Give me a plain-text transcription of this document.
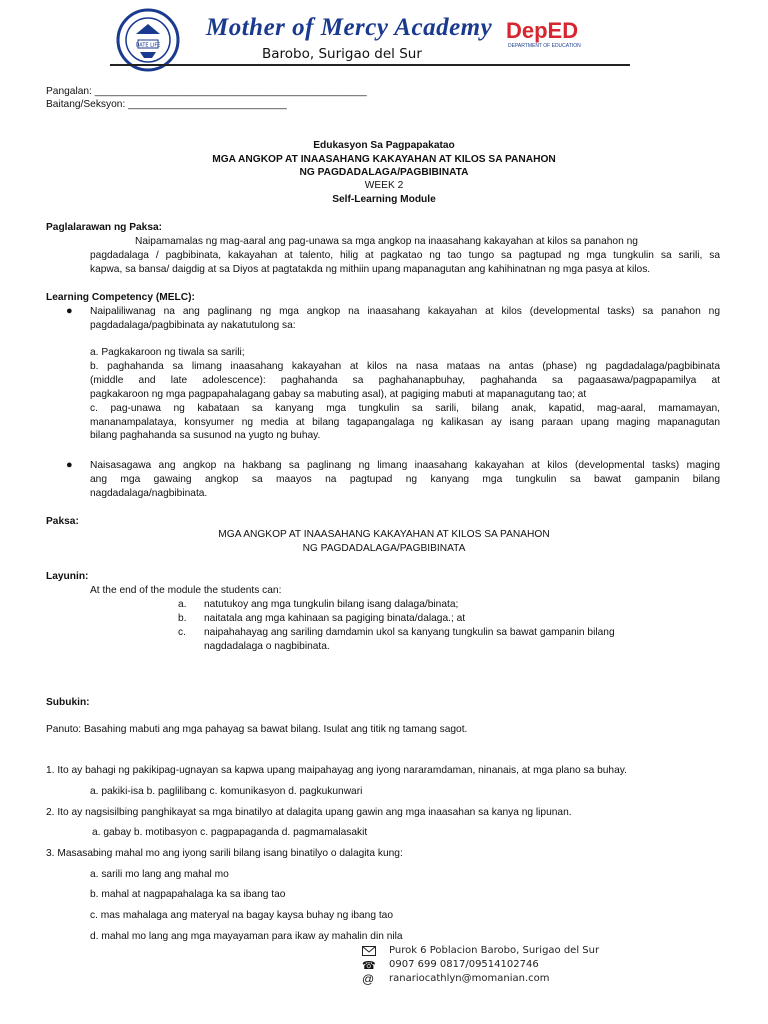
DATE LIFE
Mother of Mercy Academy
Barobo, Surigao del Sur
DepED
DEPARTMENT OF EDUCATION
Pangalan: ________________________________________________
Baitang/Seksyon: ____________________________
Edukasyon Sa Pagpapakatao
MGA ANGKOP AT INAASAHANG KAKAYAHAN AT KILOS SA PANAHON
NG PAGDADALAGA/PAGBIBINATA
WEEK 2
Self-Learning Module
Paglalarawan ng Paksa:
Naipamamalas ng mag-aaral ang pag-unawa sa mga angkop na inaasahang kakayahan at kilos sa panahon ng
pagdadalaga / pagbibinata, kakayahan at talento, hilig at pagkatao ng tao tungo sa pagtupad ng mga tungkulin sa sarili, sa
kapwa, sa bansa/ daigdig at sa Diyos at pagtatakda ng mithiin upang mapanagutan ang kahihinatnan ng mga pasya at kilos.
Learning Competency (MELC):
● Naipaliliwanag na ang paglinang ng mga angkop na inaasahang kakayahan at kilos (developmental tasks) sa panahon ng
pagdadalaga/pagbibinata ay nakatutulong sa:
a. Pagkakaroon ng tiwala sa sarili;
b. paghahanda sa limang inaasahang kakayahan at kilos na nasa mataas na antas (phase) ng pagdadalaga/pagbibinata
(middle and late adolescence): paghahanda sa paghahanapbuhay, paghahanda sa pagaasawa/pagpapamilya at
pagkakaroon ng mga pagpapahalagang gabay sa mabuting asal), at pagiging mabuti at mapanagutang tao; at
c. pag-unawa ng kabataan sa kanyang mga tungkulin sa sarili, bilang anak, kapatid, mag-aaral, mamamayan,
mananampalataya, konsyumer ng media at bilang tagapangalaga ng kalikasan ay isang paraan upang maging mapanagutan
bilang paghahanda sa susunod na yugto ng buhay.
● Naisasagawa ang angkop na hakbang sa paglinang ng limang inaasahang kakayahan at kilos (developmental tasks) maging
ang mga gawaing angkop sa maayos na pagtupad ng kanyang mga tungkulin sa bawat gampanin bilang
nagdadalaga/nagbibinata.
Paksa:
MGA ANGKOP AT INAASAHANG KAKAYAHAN AT KILOS SA PANAHON
NG PAGDADALAGA/PAGBIBINATA
Layunin:
At the end of the module the students can:
a. natutukoy ang mga tungkulin bilang isang dalaga/binata;
b. naitatala ang mga kahinaan sa pagiging binata/dalaga.; at
c. naipahahayag ang sariling damdamin ukol sa kanyang tungkulin sa bawat gampanin bilang
nagdadalaga o nagbibinata.
Subukin:
Panuto: Basahing mabuti ang mga pahayag sa bawat bilang. Isulat ang titik ng tamang sagot.
1. Ito ay bahagi ng pakikipag-ugnayan sa kapwa upang maipahayag ang iyong nararamdaman, ninanais, at mga plano sa buhay.
a. pakiki-isa b. paglilibang c. komunikasyon d. pagkukunwari
2. Ito ay nagsisilbing panghikayat sa mga binatilyo at dalagita upang gawin ang mga inaasahan sa kanya ng lipunan.
a. gabay b. motibasyon c. pagpapaganda d. pagmamalasakit
3. Masasabing mahal mo ang iyong sarili bilang isang binatilyo o dalagita kung:
a. sarili mo lang ang mahal mo
b. mahal at nagpapahalaga ka sa ibang tao
c. mas mahalaga ang materyal na bagay kaysa buhay ng ibang tao
d. mahal mo lang ang mga mayayaman para ikaw ay mahalin din nila
Purok 6 Poblacion Barobo, Surigao del Sur
☎ 0907 699 0817/09514102746
@ ranariocathlyn@momanian.com
